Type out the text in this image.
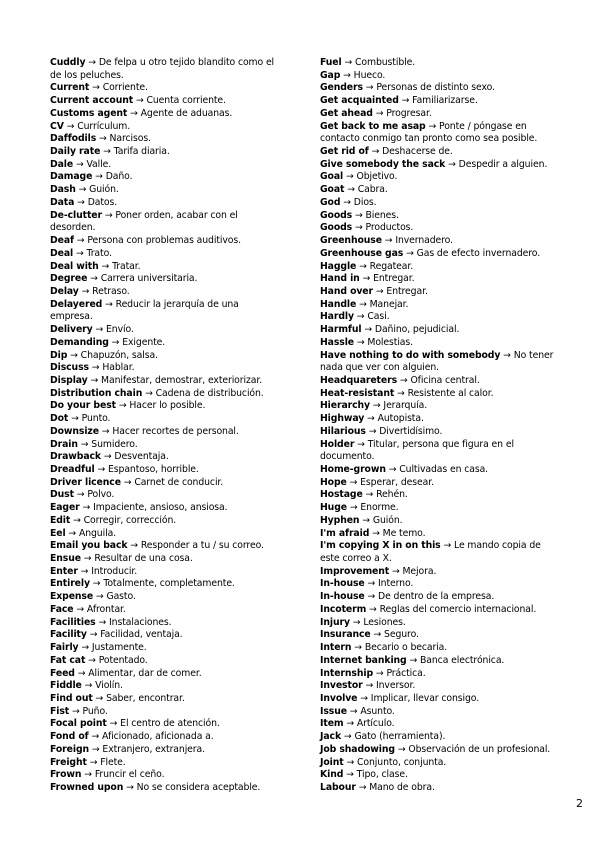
Cuddly → De felpa u otro tejido blandito como el de los peluches.

Current → Corriente.

Current account → Cuenta corriente.

Customs agent → Agente de aduanas.

CV → Currículum.

Daffodils → Narcisos.

Daily rate → Tarifa diaria.

Dale → Valle.

Damage → Daño.

Dash → Guión.

Data → Datos.

De-clutter → Poner orden, acabar con el desorden.

Deaf → Persona con problemas auditivos.

Deal → Trato.

Deal with → Tratar.

Degree → Carrera universitaria.

Delay → Retraso.

Delayered → Reducir la jerarquía de una empresa.

Delivery → Envío.

Demanding → Exigente.

Dip → Chapuzón, salsa.

Discuss → Hablar.

Display → Manifestar, demostrar, exteriorizar.

Distribution chain → Cadena de distribución.

Do your best → Hacer lo posible.

Dot → Punto.

Downsize → Hacer recortes de personal.

Drain → Sumidero.

Drawback → Desventaja.

Dreadful → Espantoso, horrible.

Driver licence → Carnet de conducir.

Dust → Polvo.

Eager → Impaciente, ansioso, ansiosa.

Edit → Corregir, corrección.

Eel → Anguila.

Email you back → Responder a tu / su correo.

Ensue → Resultar de una cosa.

Enter → Introducir.

Entirely → Totalmente, completamente.

Expense → Gasto.

Face → Afrontar.

Facilities → Instalaciones.

Facility → Facilidad, ventaja.

Fairly → Justamente.

Fat cat → Potentado.

Feed → Alimentar, dar de comer.

Fiddle → Violín.

Find out → Saber, encontrar.

Fist → Puño.

Focal point → El centro de atención.

Fond of → Aficionado, aficionada a.

Foreign → Extranjero, extranjera.

Freight → Flete.

Frown → Fruncir el ceño.

Frowned upon → No se considera aceptable.

Fuel → Combustible.

Gap → Hueco.

Genders → Personas de distinto sexo.

Get acquainted → Familiarizarse.

Get ahead → Progresar.

Get back to me asap → Ponte / póngase en contacto conmigo tan pronto como sea posible.

Get rid of → Deshacerse de.

Give somebody the sack → Despedir a alguien.

Goal → Objetivo.

Goat → Cabra.

God → Dios.

Goods → Bienes.

Goods → Productos.

Greenhouse → Invernadero.

Greenhouse gas → Gas de efecto invernadero.

Haggle → Regatear.

Hand in → Entregar.

Hand over → Entregar.

Handle → Manejar.

Hardly → Casi.

Harmful → Dañino, pejudicial.

Hassle → Molestias.

Have nothing to do with somebody → No tener nada que ver con alguien.

Headquareters → Oficina central.

Heat-resistant → Resistente al calor.

Hierarchy → Jerarquía.

Highway → Autopista.

Hilarious → Divertidísimo.

Holder → Titular, persona que figura en el documento.

Home-grown → Cultivadas en casa.

Hope → Esperar, desear.

Hostage → Rehén.

Huge → Enorme.

Hyphen → Guión.

I'm afraid → Me temo.

I'm copying X in on this → Le mando copia de este correo a X.

Improvement → Mejora.

In-house → Interno.

In-house → De dentro de la empresa.

Incoterm → Reglas del comercio internacional.

Injury → Lesiones.

Insurance → Seguro.

Intern → Becario o becaria.

Internet banking → Banca electrónica.

Internship → Práctica.

Investor → Inversor.

Involve → Implicar, llevar consigo.

Issue → Asunto.

Item → Artículo.

Jack → Gato (herramienta).

Job shadowing → Observación de un profesional.

Joint → Conjunto, conjunta.

Kind → Tipo, clase.

Labour → Mano de obra.

2
